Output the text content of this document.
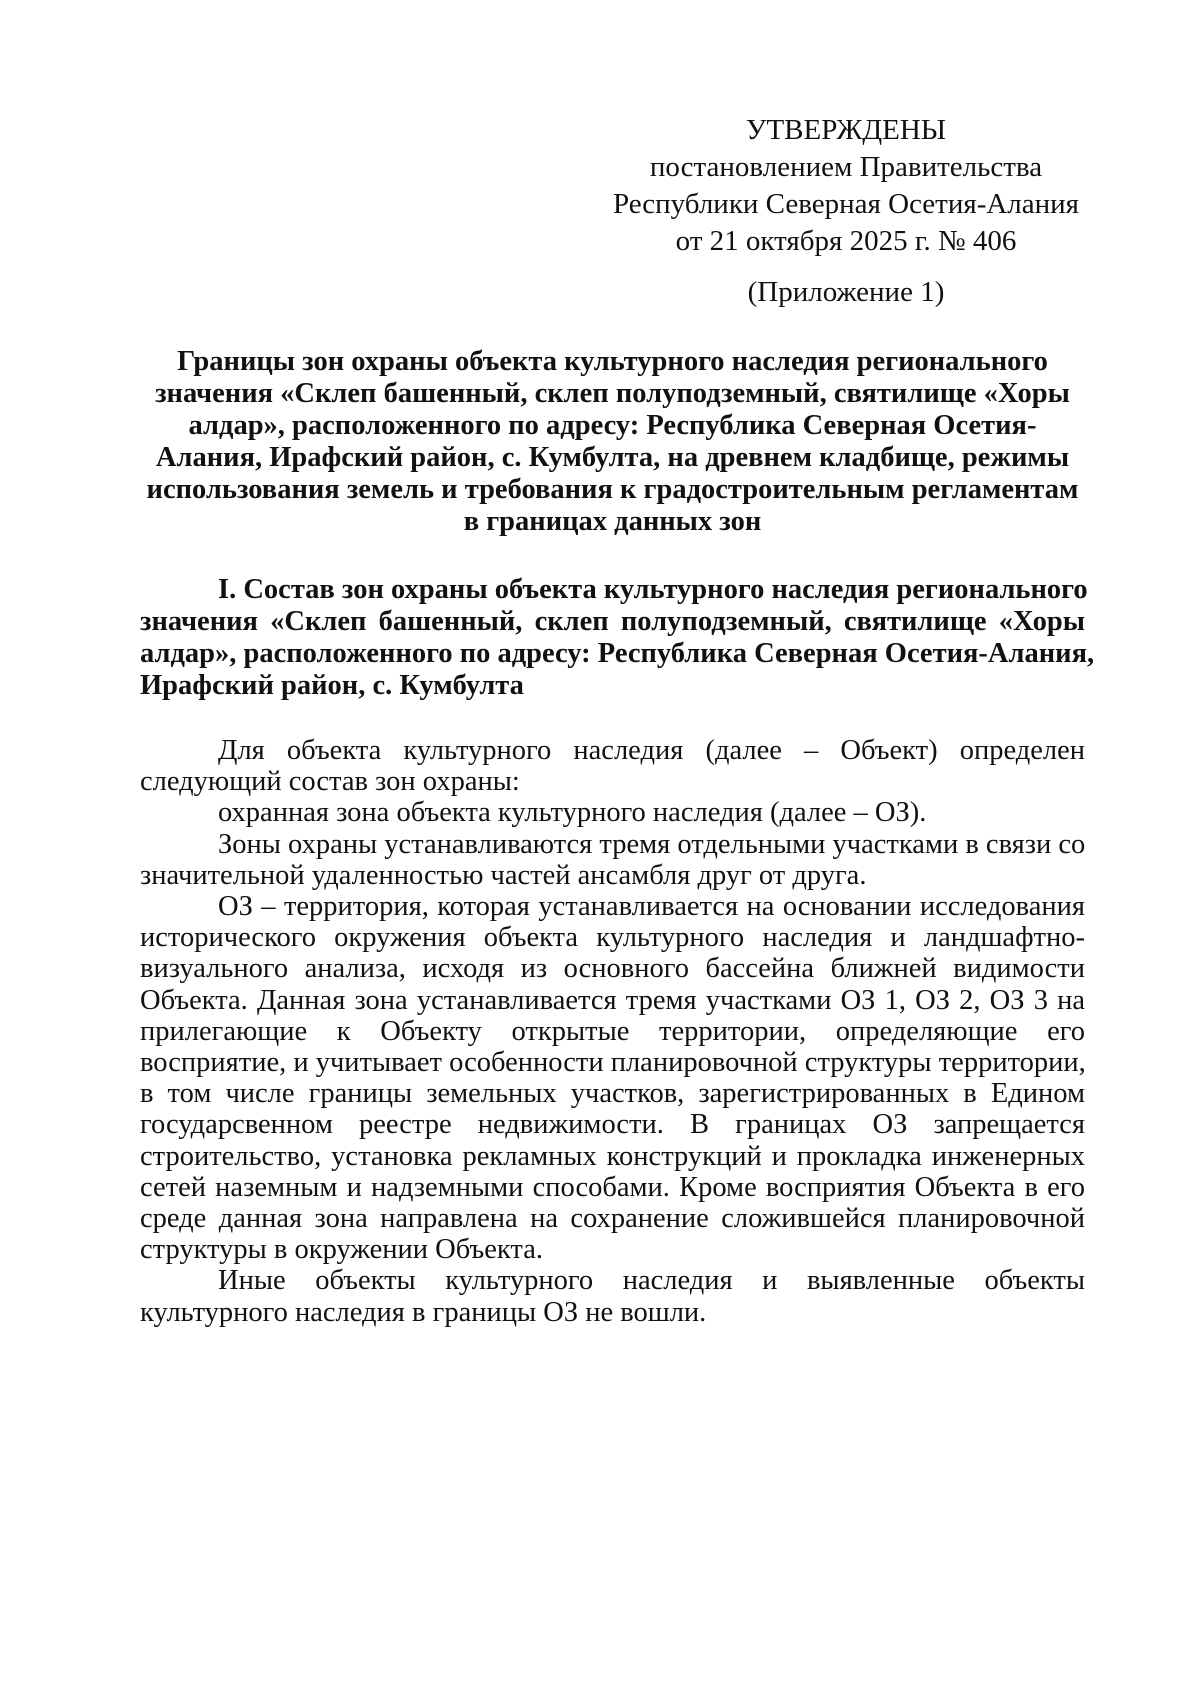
УТВЕРЖДЕНЫ
постановлением Правительства
Республики Северная Осетия-Алания
от 21 октября 2025 г. № 406
(Приложение 1)
Границы зон охраны объекта культурного наследия регионального
значения «Склеп башенный, склеп полуподземный, святилище «Хоры
алдар», расположенного по адресу: Республика Северная Осетия-
Алания, Ирафский район, с. Кумбулта, на древнем кладбище, режимы
использования земель и требования к градостроительным регламентам
в границах данных зон
I. Состав зон охраны объекта культурного наследия регионального
значения «Склеп башенный, склеп полуподземный, святилище «Хоры
алдар», расположенного по адресу: Республика Северная Осетия-Алания,
Ирафский район, с. Кумбулта
Для объекта культурного наследия (далее – Объект) определен
следующий состав зон охраны:
охранная зона объекта культурного наследия (далее – ОЗ).
Зоны охраны устанавливаются тремя отдельными участками в связи со
значительной удаленностью частей ансамбля друг от друга.
ОЗ – территория, которая устанавливается на основании исследования
исторического окружения объекта культурного наследия и ландшафтно-
визуального анализа, исходя из основного бассейна ближней видимости
Объекта. Данная зона устанавливается тремя участками ОЗ 1, ОЗ 2, ОЗ 3 на
прилегающие к Объекту открытые территории, определяющие его
восприятие, и учитывает особенности планировочной структуры территории,
в том числе границы земельных участков, зарегистрированных в Едином
государсвенном реестре недвижимости. В границах ОЗ запрещается
строительство, установка рекламных конструкций и прокладка инженерных
сетей наземным и надземными способами. Кроме восприятия Объекта в его
среде данная зона направлена на сохранение сложившейся планировочной
структуры в окружении Объекта.
Иные объекты культурного наследия и выявленные объекты
культурного наследия в границы ОЗ не вошли.
